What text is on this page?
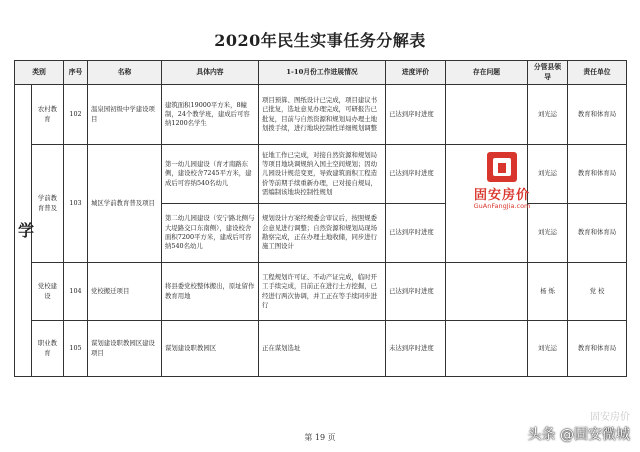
2020年民生实事任务分解表
类别		序号	名称	具体内容	1-10月份工作进展情况	进度评价	存在问题	分管县领导	责任单位
学	农村教育	102	温泉园初级中学建设项目	建筑面积19000平方米，8幢制，24个教学班，建成后可容纳1200名学生	项目预算、图纸设计已完成，项目建议书已批复，选址意见办理完成，可研报告已批复，目前与自然资源和规划局办理土地划拨手续，进行地块控制性详细规划调整	已达到序时进度		刘光运	教育和体育局
	学前教育普及	103	城区学前教育普及项目	第一幼儿园建设（育才南路东侧，建设校舍7245平方米，建成后可容纳540名幼儿	征地工作已完成，对接自然资源和规划局等项目地块调规纳入国土空间规划；因幼儿园设计规范变更，导致建筑面积工程造价等前期手续重新办理，已对接自规局，需编制该地块控制性规划	已达到序时进度		刘光运	教育和体育局
				第二幼儿园建设（安宁路北侧与大堤路交口东南侧），建设校舍面积7200平方米，建成后可容纳540名幼儿	规划设计方案经规委会审议后，按照规委会意见进行调整；自然资源和规划局现场勘察完成，正在办理土地收储，同步进行施工图设计	已达到序时进度		刘光运	教育和体育局
	党校建设	104	党校搬迁项目	将县委党校整体搬出，原址留作教育用地	工程规划许可证、不动产证完成，临时开工手续完成，目前正在进行土方挖掘，已经进行两次协调，并工正在等手续同步进行	已达到序时进度		杨 烁	党 校
	职业教育	105	谋划建设职教园区建设项目	谋划建设职教园区	正在谋划选址	未达到序时进度		刘光运	教育和体育局
固安房价
GuAnFangJia.com
固安房价
第 19 页	头条 @固安微城
